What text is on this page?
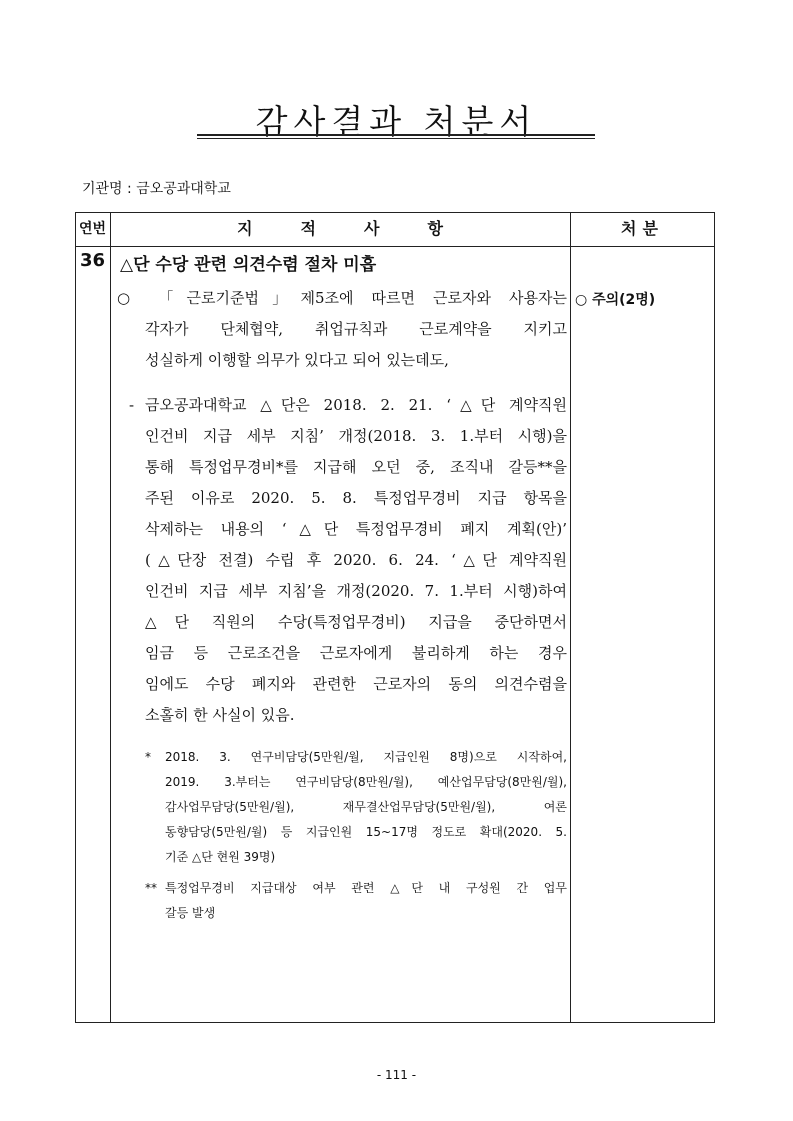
감사결과 처분서
기관명 : 금오공과대학교
연번	지적사항	처분
36 △단 수당 관련 의견수렴 절차 미흡
○ 주의(2명)
○ 「근로기준법」제5조에 따르면 근로자와 사용자는
각자가 단체협약, 취업규칙과 근로계약을 지키고
성실하게 이행할 의무가 있다고 되어 있는데도,
- 금오공과대학교 △단은 2018. 2. 21. ‘△단 계약직원
인건비 지급 세부 지침’ 개정(2018. 3. 1.부터 시행)을
통해 특정업무경비*를 지급해 오던 중, 조직내 갈등**을
주된 이유로 2020. 5. 8. 특정업무경비 지급 항목을
삭제하는 내용의 ‘△단 특정업무경비 폐지 계획(안)’
(△단장 전결) 수립 후 2020. 6. 24. ‘△단 계약직원
인건비 지급 세부 지침’을 개정(2020. 7. 1.부터 시행)하여
△단 직원의 수당(특정업무경비) 지급을 중단하면서
임금 등 근로조건을 근로자에게 불리하게 하는 경우
임에도 수당 폐지와 관련한 근로자의 동의 의견수렴을
소홀히 한 사실이 있음.
* 2018. 3. 연구비담당(5만원/월, 지급인원 8명)으로 시작하여,
2019. 3.부터는 연구비담당(8만원/월), 예산업무담당(8만원/월),
감사업무담당(5만원/월), 재무결산업무담당(5만원/월), 여론
동향담당(5만원/월) 등 지급인원 15~17명 정도로 확대(2020. 5.
기준 △단 현원 39명)
** 특정업무경비 지급대상 여부 관련 △단 내 구성원 간 업무
갈등 발생
- 111 -
